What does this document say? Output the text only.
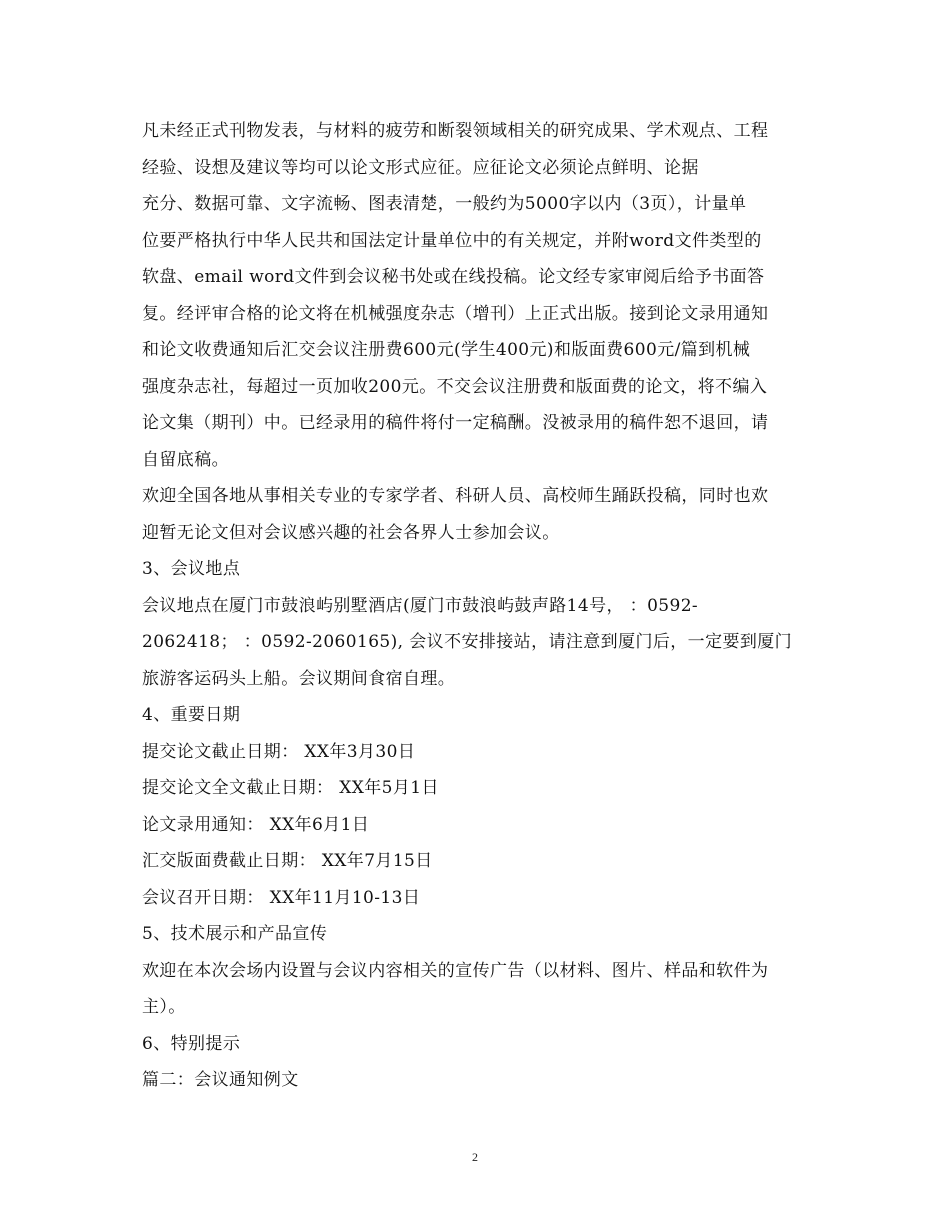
凡未经正式刊物发表，与材料的疲劳和断裂领域相关的研究成果、学术观点、工程
经验、设想及建议等均可以论文形式应征。应征论文必须论点鲜明、论据
充分、数据可靠、文字流畅、图表清楚，一般约为5000字以内（3页），计量单
位要严格执行中华人民共和国法定计量单位中的有关规定，并附word文件类型的
软盘、email word文件到会议秘书处或在线投稿。论文经专家审阅后给予书面答
复。经评审合格的论文将在机械强度杂志（增刊）上正式出版。接到论文录用通知
和论文收费通知后汇交会议注册费600元(学生400元)和版面费600元/篇到机械
强度杂志社，每超过一页加收200元。不交会议注册费和版面费的论文，将不编入
论文集（期刊）中。已经录用的稿件将付一定稿酬。没被录用的稿件恕不退回，请
自留底稿。

欢迎全国各地从事相关专业的专家学者、科研人员、高校师生踊跃投稿，同时也欢
迎暂无论文但对会议感兴趣的社会各界人士参加会议。

3、会议地点

会议地点在厦门市鼓浪屿别墅酒店(厦门市鼓浪屿鼓声路14号， ：0592-
2062418； ：0592-2060165), 会议不安排接站，请注意到厦门后，一定要到厦门
旅游客运码头上船。会议期间食宿自理。

4、重要日期

提交论文截止日期： XX年3月30日

提交论文全文截止日期： XX年5月1日

论文录用通知： XX年6月1日

汇交版面费截止日期： XX年7月15日

会议召开日期： XX年11月10-13日

5、技术展示和产品宣传

欢迎在本次会场内设置与会议内容相关的宣传广告（以材料、图片、样品和软件为
主）。

6、特别提示

篇二：会议通知例文

2
